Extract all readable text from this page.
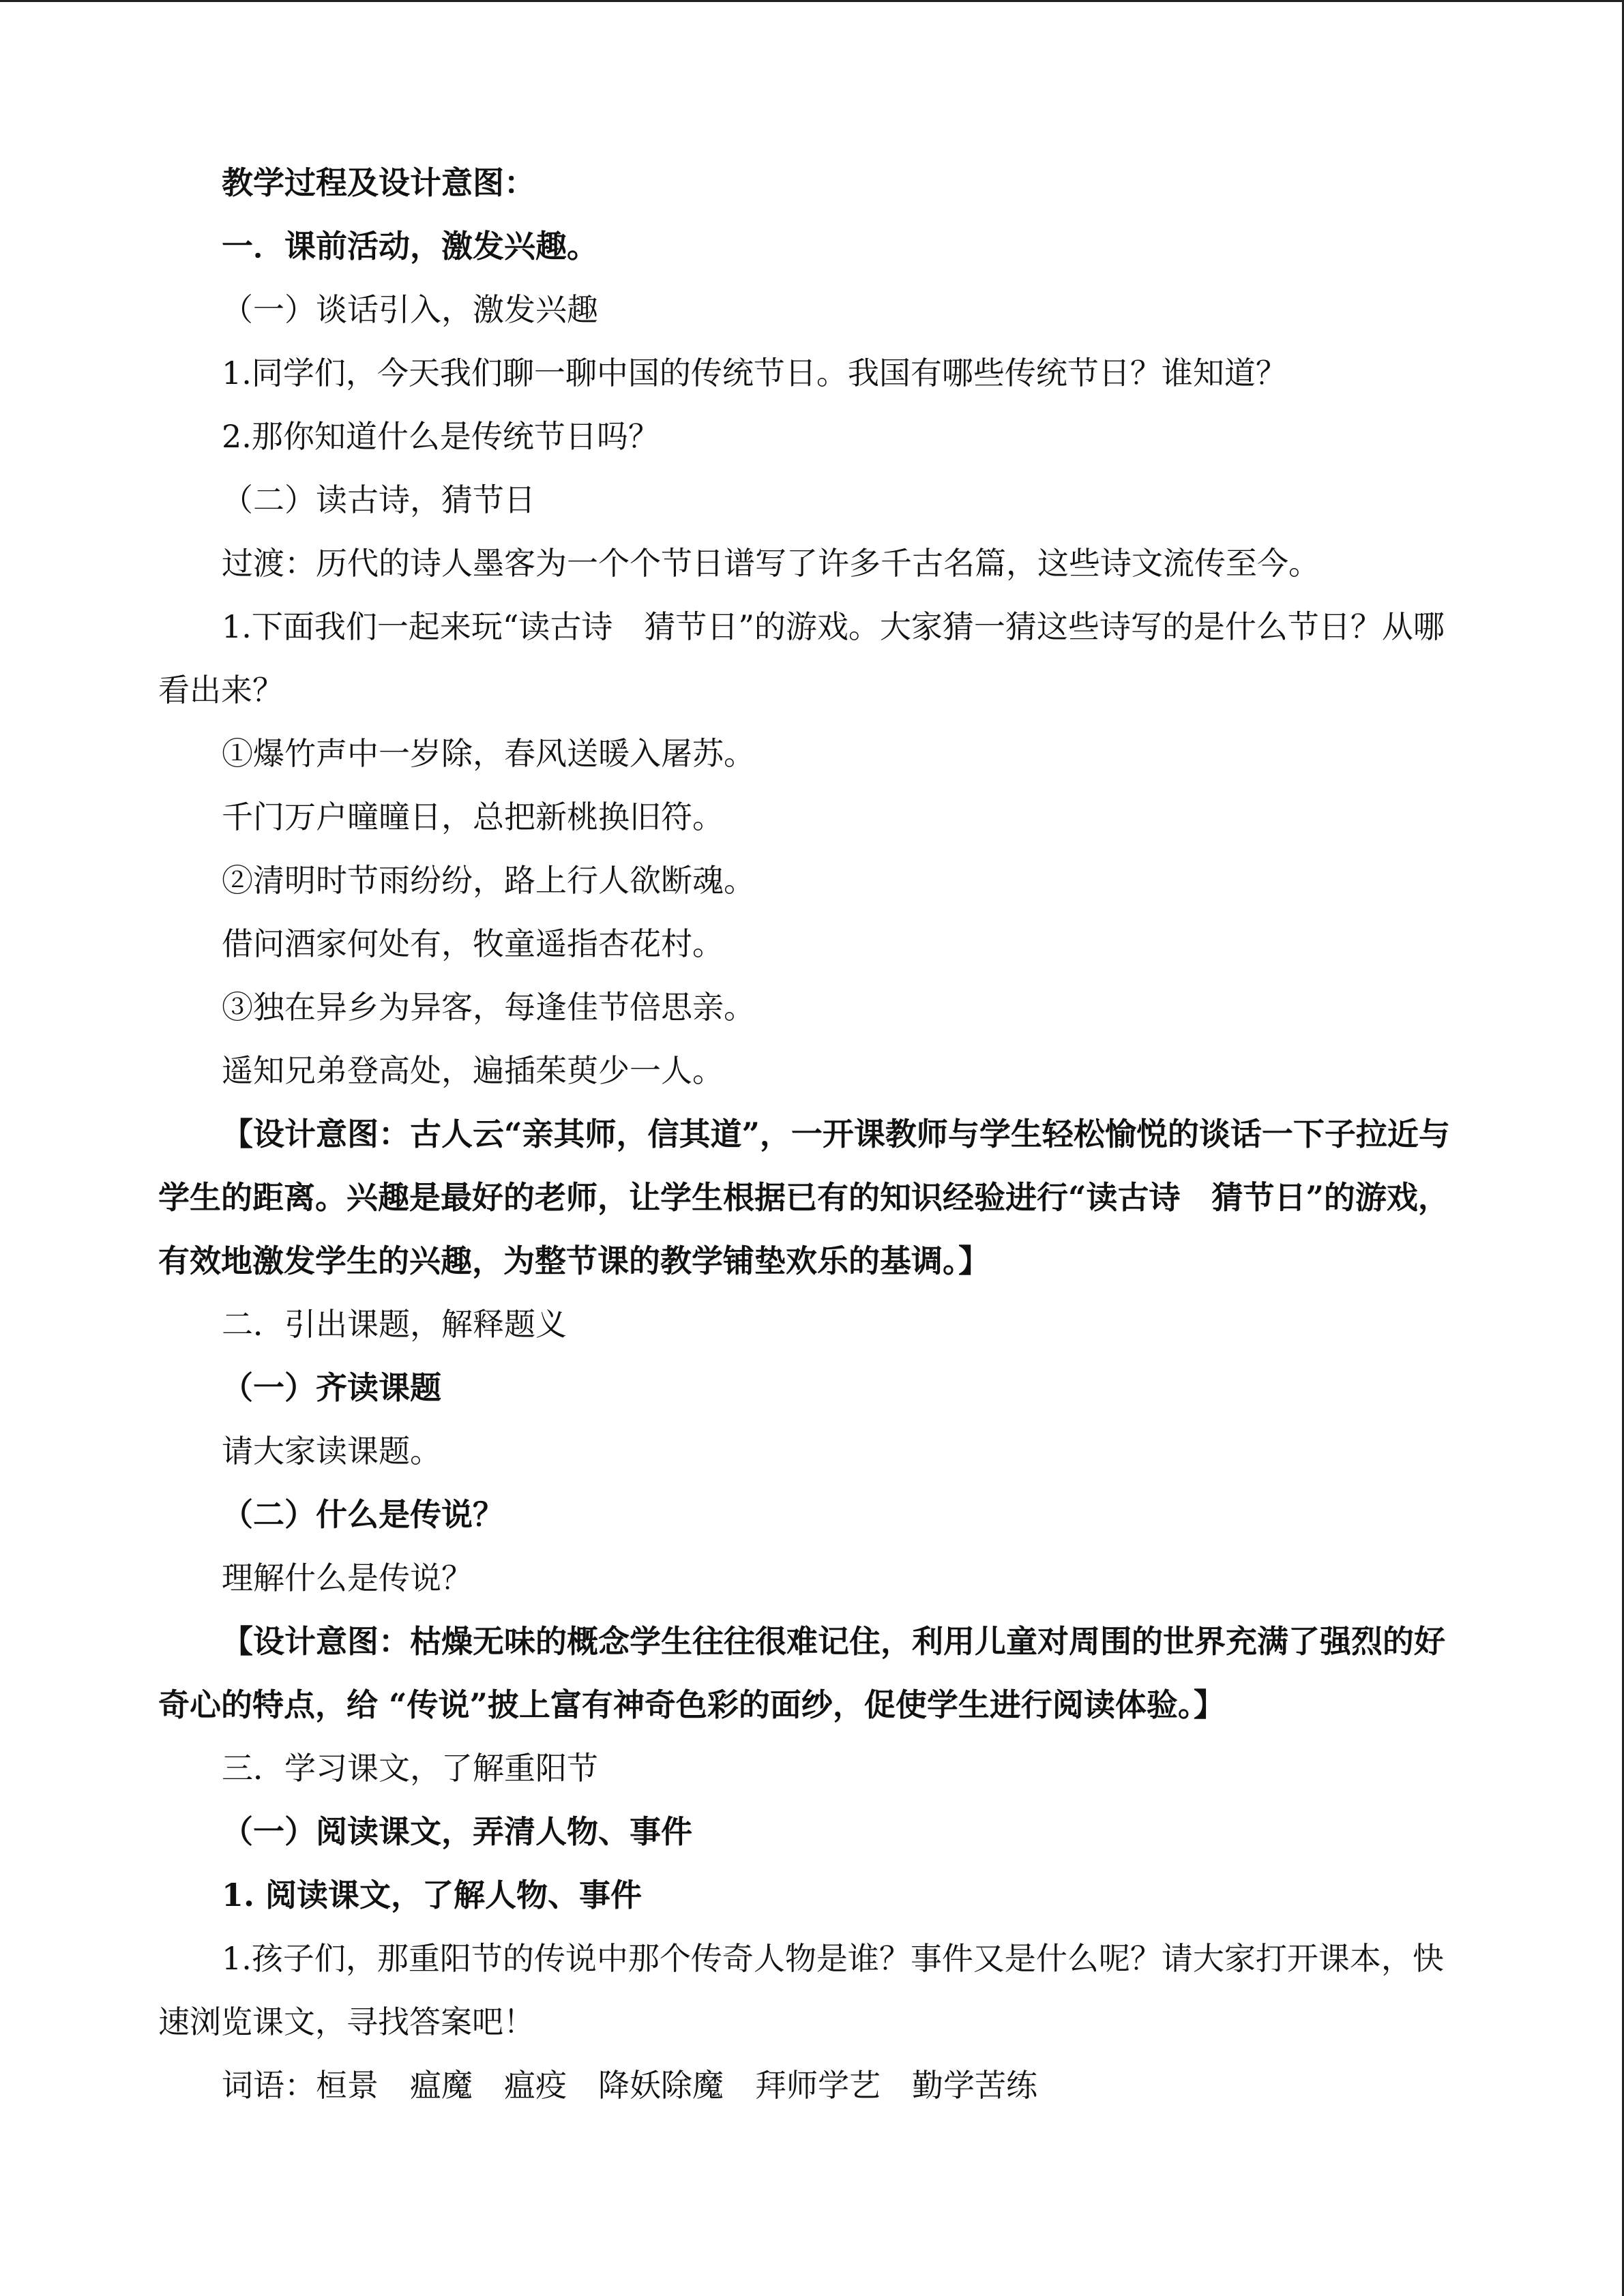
教学过程及设计意图：
一．课前活动，激发兴趣。
（一）谈话引入，激发兴趣
1.同学们，今天我们聊一聊中国的传统节日。我国有哪些传统节日？谁知道？
2.那你知道什么是传统节日吗？
（二）读古诗，猜节日
过渡：历代的诗人墨客为一个个节日谱写了许多千古名篇，这些诗文流传至今。
1.下面我们一起来玩“读古诗　猜节日”的游戏。大家猜一猜这些诗写的是什么节日？从哪看出来？
①爆竹声中一岁除，春风送暖入屠苏。
千门万户曈曈日，总把新桃换旧符。
②清明时节雨纷纷，路上行人欲断魂。
借问酒家何处有，牧童遥指杏花村。
③独在异乡为异客，每逢佳节倍思亲。
遥知兄弟登高处，遍插茱萸少一人。
【设计意图：古人云“亲其师，信其道”，一开课教师与学生轻松愉悦的谈话一下子拉近与学生的距离。兴趣是最好的老师，让学生根据已有的知识经验进行“读古诗　猜节日”的游戏，有效地激发学生的兴趣，为整节课的教学铺垫欢乐的基调。】
二．引出课题，解释题义
（一）齐读课题
请大家读课题。
（二）什么是传说？
理解什么是传说？
【设计意图：枯燥无味的概念学生往往很难记住，利用儿童对周围的世界充满了强烈的好奇心的特点，给 “传说”披上富有神奇色彩的面纱，促使学生进行阅读体验。】
三．学习课文，了解重阳节
（一）阅读课文，弄清人物、事件
1. 阅读课文，了解人物、事件
1.孩子们，那重阳节的传说中那个传奇人物是谁？事件又是什么呢？请大家打开课本，快速浏览课文，寻找答案吧！
词语：桓景　瘟魔　瘟疫　降妖除魔　拜师学艺　勤学苦练
